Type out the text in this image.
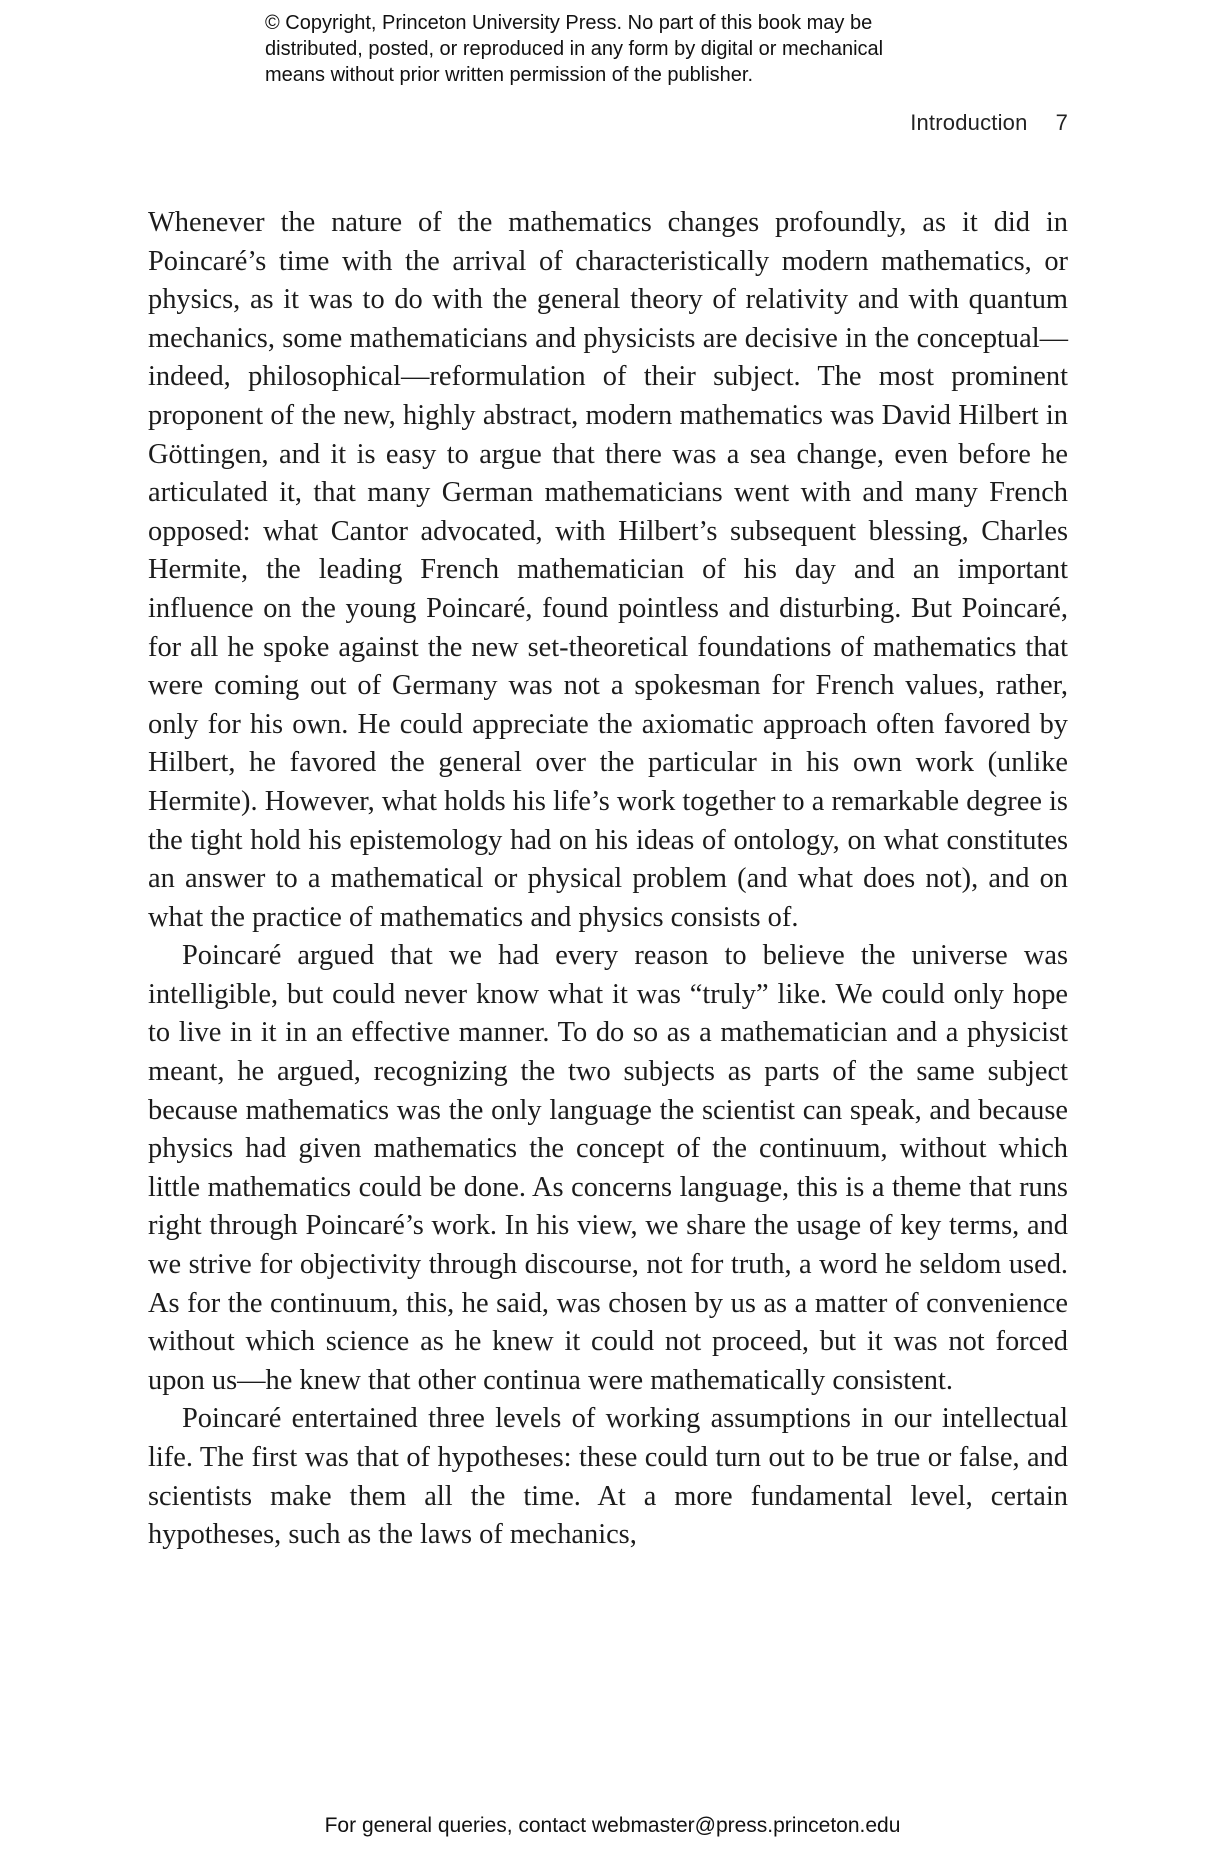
© Copyright, Princeton University Press. No part of this book may be
distributed, posted, or reproduced in any form by digital or mechanical
means without prior written permission of the publisher.
Introduction 7

Whenever the nature of the mathematics changes profoundly, as it did in Poincaré’s time with the arrival of characteristically modern mathematics, or physics, as it was to do with the general theory of relativity and with quantum mechanics, some mathematicians and physicists are decisive in the conceptual—indeed, philosophical—reformulation of their subject. The most prominent proponent of the new, highly abstract, modern mathematics was David Hilbert in Göttingen, and it is easy to argue that there was a sea change, even before he articulated it, that many German mathematicians went with and many French opposed: what Cantor advocated, with Hilbert’s subsequent blessing, Charles Hermite, the leading French mathematician of his day and an important influence on the young Poincaré, found pointless and disturbing. But Poincaré, for all he spoke against the new set-theoretical foundations of mathematics that were coming out of Germany was not a spokesman for French values, rather, only for his own. He could appreciate the axiomatic approach often favored by Hilbert, he favored the general over the particular in his own work (unlike Hermite). However, what holds his life’s work together to a remarkable degree is the tight hold his epistemology had on his ideas of ontology, on what constitutes an answer to a mathematical or physical problem (and what does not), and on what the practice of mathematics and physics consists of.

Poincaré argued that we had every reason to believe the universe was intelligible, but could never know what it was “truly” like. We could only hope to live in it in an effective manner. To do so as a mathematician and a physicist meant, he argued, recognizing the two subjects as parts of the same subject because mathematics was the only language the scientist can speak, and because physics had given mathematics the concept of the continuum, without which little mathematics could be done. As concerns language, this is a theme that runs right through Poincaré’s work. In his view, we share the usage of key terms, and we strive for objectivity through discourse, not for truth, a word he seldom used. As for the continuum, this, he said, was chosen by us as a matter of convenience without which science as he knew it could not proceed, but it was not forced upon us—he knew that other continua were mathematically consistent.

Poincaré entertained three levels of working assumptions in our intellectual life. The first was that of hypotheses: these could turn out to be true or false, and scientists make them all the time. At a more fundamental level, certain hypotheses, such as the laws of mechanics,

For general queries, contact webmaster@press.princeton.edu
